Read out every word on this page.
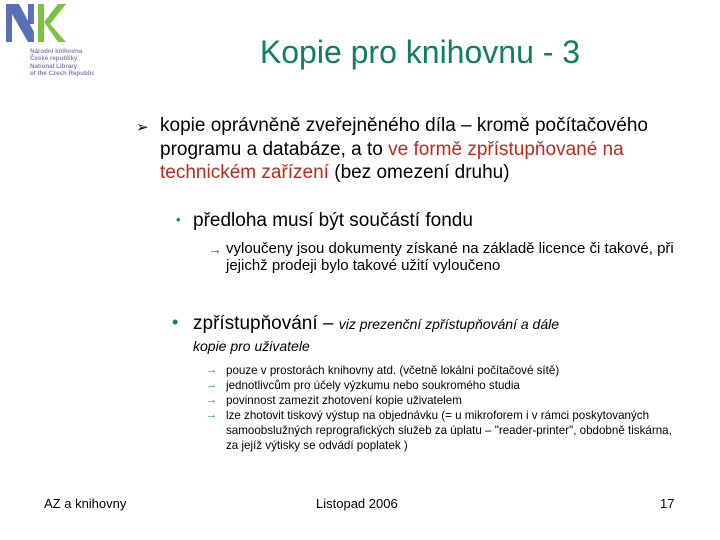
Národní knihovna
České republiky
National Library
of the Czech Republic
Kopie pro knihovnu - 3
➢ kopie oprávněně zveřejněného díla – kromě počítačového programu a databáze, a to ve formě zpřístupňované na technickém zařízení (bez omezení druhu)
• předloha musí být součástí fondu
→ vyloučeny jsou dokumenty získané na základě licence či takové, při jejichž prodeji bylo takové užití vyloučeno
• zpřístupňování – viz prezenční zpřístupňování a dále
kopie pro uživatele
→ pouze v prostorách knihovny atd. (včetně lokální počítačové sítě)
→ jednotlivcům pro účely výzkumu nebo soukromého studia
→ povinnost zamezit zhotovení kopie uživatelem
→ lze zhotovit tiskový výstup na objednávku (= u mikroforem i v rámci poskytovaných samoobslužných reprografických služeb za úplatu – "reader-printer", obdobně tiskárna, za jejíž výtisky se odvádí poplatek )
AZ a knihovny	Listopad 2006	17
